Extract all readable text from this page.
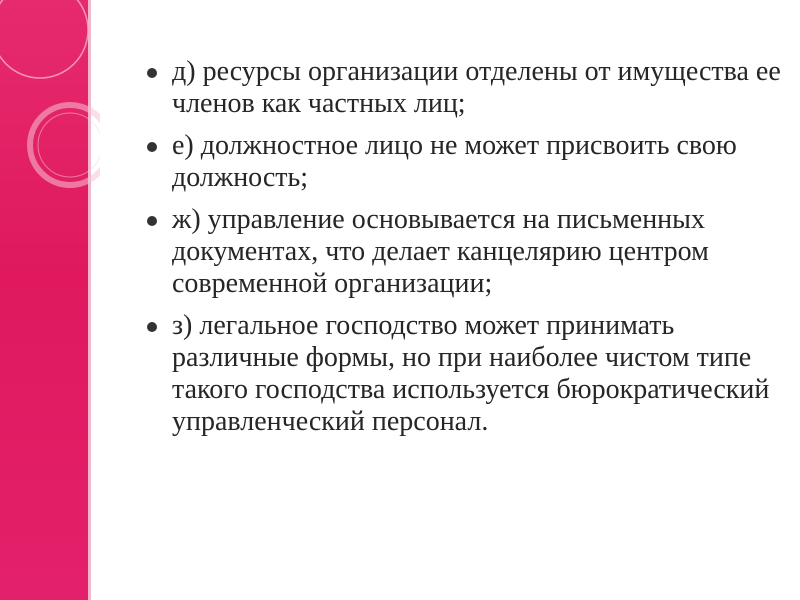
д) ресурсы организации отделены от имущества ее членов как частных лиц;
е) должностное лицо не может присвоить свою должность;
ж) управление основывается на письменных документах, что делает канцелярию центром современной организации;
з) легальное господство может принимать различные формы, но при наиболее чистом типе такого господства используется бюрократический управленческий персонал.
